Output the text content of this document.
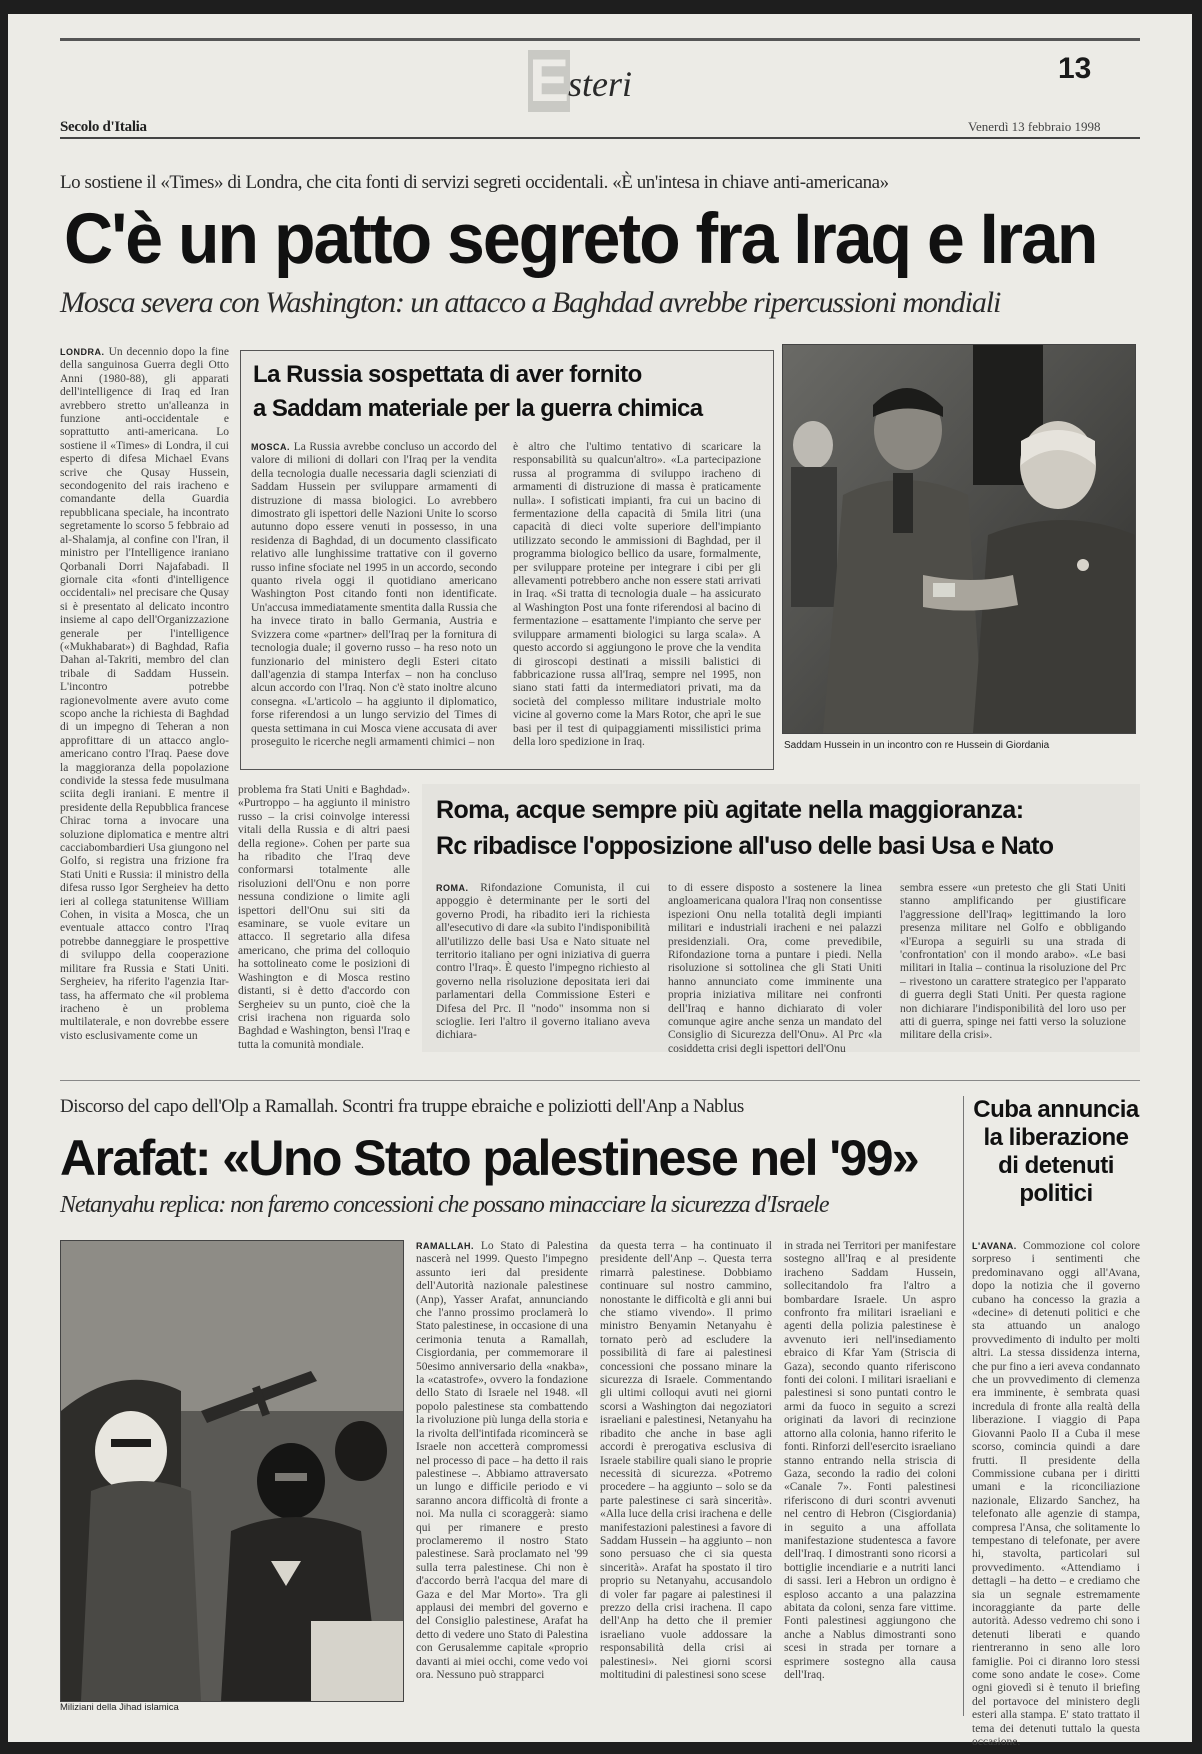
E
steri	13
Secolo d'Italia	Venerdì 13 febbraio 1998
Lo sostiene il «Times» di Londra, che cita fonti di servizi segreti occidentali. «È un'intesa in chiave anti-americana»
C'è un patto segreto fra Iraq e Iran
Mosca severa con Washington: un attacco a Baghdad avrebbe ripercussioni mondiali
LONDRA. Un decennio dopo la fine della sanguinosa Guerra degli Otto Anni (1980-88), gli apparati dell'intelligence di Iraq ed Iran avrebbero stretto un'alleanza in funzione anti-occidentale e soprattutto anti-americana. Lo sostiene il «Times» di Londra, il cui esperto di difesa Michael Evans scrive che Qusay Hussein, secondogenito del rais iracheno e comandante della Guardia repubblicana speciale, ha incontrato segretamente lo scorso 5 febbraio ad al-Shalamja, al confine con l'Iran, il ministro per l'Intelligence iraniano Qorbanali Dorri Najafabadi. Il giornale cita «fonti d'intelligence occidentali» nel precisare che Qusay si è presentato al delicato incontro insieme al capo dell'Organizzazione generale per l'intelligence («Mukhabarat») di Baghdad, Rafia Dahan al-Takriti, membro del clan tribale di Saddam Hussein. L'incontro potrebbe ragionevolmente avere avuto come scopo anche la richiesta di Baghdad di un impegno di Teheran a non approfittare di un attacco anglo-americano contro l'Iraq. Paese dove la maggioranza della popolazione condivide la stessa fede musulmana sciita degli iraniani. E mentre il presidente della Repubblica francese Chirac torna a invocare una soluzione diplomatica e mentre altri cacciabombardieri Usa giungono nel Golfo, si registra una frizione fra Stati Uniti e Russia: il ministro della difesa russo Igor Sergheiev ha detto ieri al collega statunitense William Cohen, in visita a Mosca, che un eventuale attacco contro l'Iraq potrebbe danneggiare le prospettive di sviluppo della cooperazione militare fra Russia e Stati Uniti. Sergheiev, ha riferito l'agenzia Itar-tass, ha affermato che «il problema iracheno è un problema multilaterale, e non dovrebbe essere visto esclusivamente come un
problema fra Stati Uniti e Baghdad». «Purtroppo – ha aggiunto il ministro russo – la crisi coinvolge interessi vitali della Russia e di altri paesi della regione». Cohen per parte sua ha ribadito che l'Iraq deve conformarsi totalmente alle risoluzioni dell'Onu e non porre nessuna condizione o limite agli ispettori dell'Onu sui siti da esaminare, se vuole evitare un attacco. Il segretario alla difesa americano, che prima del colloquio ha sottolineato come le posizioni di Washington e di Mosca restino distanti, si è detto d'accordo con Sergheiev su un punto, cioè che la crisi irachena non riguarda solo Baghdad e Washington, bensì l'Iraq e tutta la comunità mondiale.
La Russia sospettata di aver fornito
a Saddam materiale per la guerra chimica
MOSCA. La Russia avrebbe concluso un accordo del valore di milioni di dollari con l'Iraq per la vendita della tecnologia dualle necessaria dagli scienziati di Saddam Hussein per sviluppare armamenti di distruzione di massa biologici. Lo avrebbero dimostrato gli ispettori delle Nazioni Unite lo scorso autunno dopo essere venuti in possesso, in una residenza di Baghdad, di un documento classificato relativo alle lunghissime trattative con il governo russo infine sfociate nel 1995 in un accordo, secondo quanto rivela oggi il quotidiano americano Washington Post citando fonti non identificate. Un'accusa immediatamente smentita dalla Russia che ha invece tirato in ballo Germania, Austria e Svizzera come «partner» dell'Iraq per la fornitura di tecnologia duale; il governo russo – ha reso noto un funzionario del ministero degli Esteri citato dall'agenzia di stampa Interfax – non ha concluso alcun accordo con l'Iraq. Non c'è stato inoltre alcuno consegna. «L'articolo – ha aggiunto il diplomatico, forse riferendosi a un lungo servizio del Times di questa settimana in cui Mosca viene accusata di aver proseguito le ricerche negli armamenti chimici – non
è altro che l'ultimo tentativo di scaricare la responsabilità su qualcun'altro». «La partecipazione russa al programma di sviluppo iracheno di armamenti di distruzione di massa è praticamente nulla». I sofisticati impianti, fra cui un bacino di fermentazione della capacità di 5mila litri (una capacità di dieci volte superiore dell'impianto utilizzato secondo le ammissioni di Baghdad, per il programma biologico bellico da usare, formalmente, per sviluppare proteine per integrare i cibi per gli allevamenti potrebbero anche non essere stati arrivati in Iraq. «Si tratta di tecnologia duale – ha assicurato al Washington Post una fonte riferendosi al bacino di fermentazione – esattamente l'impianto che serve per sviluppare armamenti biologici su larga scala». A questo accordo si aggiungono le prove che la vendita di giroscopi destinati a missili balistici di fabbricazione russa all'Iraq, sempre nel 1995, non siano stati fatti da intermediatori privati, ma da società del complesso militare industriale molto vicine al governo come la Mars Rotor, che aprì le sue basi per il test di quipaggiamenti missilistici prima della loro spedizione in Iraq.	Saddam Hussein in un incontro con re Hussein di Giordania
Roma, acque sempre più agitate nella maggioranza:
Rc ribadisce l'opposizione all'uso delle basi Usa e Nato
ROMA. Rifondazione Comunista, il cui appoggio è determinante per le sorti del governo Prodi, ha ribadito ieri la richiesta all'esecutivo di dare «la subito l'indisponibilità all'utilizzo delle basi Usa e Nato situate nel territorio italiano per ogni iniziativa di guerra contro l'Iraq». È questo l'impegno richiesto al governo nella risoluzione depositata ieri dai parlamentari della Commissione Esteri e Difesa del Prc. Il "nodo" insomma non si scioglie. Ieri l'altro il governo italiano aveva dichiara-
to di essere disposto a sostenere la linea angloamericana qualora l'Iraq non consentisse ispezioni Onu nella totalità degli impianti militari e industriali iracheni e nei palazzi presidenziali. Ora, come prevedibile, Rifondazione torna a puntare i piedi. Nella risoluzione si sottolinea che gli Stati Uniti hanno annunciato come imminente una propria iniziativa militare nei confronti dell'Iraq e hanno dichiarato di voler comunque agire anche senza un mandato del Consiglio di Sicurezza dell'Onu». Al Prc «la cosiddetta crisi degli ispettori dell'Onu
sembra essere «un pretesto che gli Stati Uniti stanno amplificando per giustificare l'aggressione dell'Iraq» legittimando la loro presenza militare nel Golfo e obbligando «l'Europa a seguirli su una strada di 'confrontation' con il mondo arabo». «Le basi militari in Italia – continua la risoluzione del Prc – rivestono un carattere strategico per l'apparato di guerra degli Stati Uniti. Per questa ragione non dichiarare l'indisponibilità del loro uso per atti di guerra, spinge nei fatti verso la soluzione militare della crisi».
Discorso del capo dell'Olp a Ramallah. Scontri fra truppe ebraiche e poliziotti dell'Anp a Nablus
Arafat: «Uno Stato palestinese nel '99»
Netanyahu replica: non faremo concessioni che possano minacciare la sicurezza d'Israele
Miliziani della Jihad islamica
RAMALLAH. Lo Stato di Palestina nascerà nel 1999. Questo l'impegno assunto ieri dal presidente dell'Autorità nazionale palestinese (Anp), Yasser Arafat, annunciando che l'anno prossimo proclamerà lo Stato palestinese, in occasione di una cerimonia tenuta a Ramallah, Cisgiordania, per commemorare il 50esimo anniversario della «nakba», la «catastrofe», ovvero la fondazione dello Stato di Israele nel 1948. «Il popolo palestinese sta combattendo la rivoluzione più lunga della storia e la rivolta dell'intifada ricomincerà se Israele non accetterà compromessi nel processo di pace – ha detto il rais palestinese –. Abbiamo attraversato un lungo e difficile periodo e vi saranno ancora difficoltà di fronte a noi. Ma nulla ci scoraggerà: siamo qui per rimanere e presto proclameremo il nostro Stato palestinese. Sarà proclamato nel '99 sulla terra palestinese. Chi non è d'accordo berrà l'acqua del mare di Gaza e del Mar Morto». Tra gli applausi dei membri del governo e del Consiglio palestinese, Arafat ha detto di vedere uno Stato di Palestina con Gerusalemme capitale «proprio davanti ai miei occhi, come vedo voi ora. Nessuno può strapparci
da questa terra – ha continuato il presidente dell'Anp –. Questa terra rimarrà palestinese. Dobbiamo continuare sul nostro cammino, nonostante le difficoltà e gli anni bui che stiamo vivendo». Il primo ministro Benyamin Netanyahu è tornato però ad escludere la possibilità di fare ai palestinesi concessioni che possano minare la sicurezza di Israele. Commentando gli ultimi colloqui avuti nei giorni scorsi a Washington dai negoziatori israeliani e palestinesi, Netanyahu ha ribadito che anche in base agli accordi è prerogativa esclusiva di Israele stabilire quali siano le proprie necessità di sicurezza. «Potremo procedere – ha aggiunto – solo se da parte palestinese ci sarà sincerità». «Alla luce della crisi irachena e delle manifestazioni palestinesi a favore di Saddam Hussein – ha aggiunto – non sono persuaso che ci sia questa sincerità». Arafat ha spostato il tiro proprio su Netanyahu, accusandolo di voler far pagare ai palestinesi il prezzo della crisi irachena. Il capo dell'Anp ha detto che il premier israeliano vuole addossare la responsabilità della crisi ai palestinesi». Nei giorni scorsi moltitudini di palestinesi sono scese
in strada nei Territori per manifestare sostegno all'Iraq e al presidente iracheno Saddam Hussein, sollecitandolo fra l'altro a bombardare Israele. Un aspro confronto fra militari israeliani e agenti della polizia palestinese è avvenuto ieri nell'insediamento ebraico di Kfar Yam (Striscia di Gaza), secondo quanto riferiscono fonti dei coloni. I militari israeliani e palestinesi si sono puntati contro le armi da fuoco in seguito a screzi originati da lavori di recinzione attorno alla colonia, hanno riferito le fonti. Rinforzi dell'esercito israeliano stanno entrando nella striscia di Gaza, secondo la radio dei coloni «Canale 7». Fonti palestinesi riferiscono di duri scontri avvenuti nel centro di Hebron (Cisgiordania) in seguito a una affollata manifestazione studentesca a favore dell'Iraq. I dimostranti sono ricorsi a bottiglie incendiarie e a nutriti lanci di sassi. Ieri a Hebron un ordigno è esploso accanto a una palazzina abitata da coloni, senza fare vittime. Fonti palestinesi aggiungono che anche a Nablus dimostranti sono scesi in strada per tornare a esprimere sostegno alla causa dell'Iraq.
Cuba annuncia
la liberazione
di detenuti
politici
L'AVANA. Commozione col colore sorpreso i sentimenti che predominavano oggi all'Avana, dopo la notizia che il governo cubano ha concesso la grazia a «decine» di detenuti politici e che sta attuando un analogo provvedimento di indulto per molti altri. La stessa dissidenza interna, che pur fino a ieri aveva condannato che un provvedimento di clemenza era imminente, è sembrata quasi incredula di fronte alla realtà della liberazione. I viaggio di Papa Giovanni Paolo II a Cuba il mese scorso, comincia quindi a dare frutti. Il presidente della Commissione cubana per i diritti umani e la riconciliazione nazionale, Elizardo Sanchez, ha telefonato alle agenzie di stampa, compresa l'Ansa, che solitamente lo tempestano di telefonate, per avere hi, stavolta, particolari sul provvedimento. «Attendiamo i dettagli – ha detto – e crediamo che sia un segnale estremamente incoraggiante da parte delle autorità. Adesso vedremo chi sono i detenuti liberati e quando rientreranno in seno alle loro famiglie. Poi ci diranno loro stessi come sono andate le cose». Come ogni giovedì si è tenuto il briefing del portavoce del ministero degli esteri alla stampa. E' stato trattato il tema dei detenuti tuttalo la questa occasione.
